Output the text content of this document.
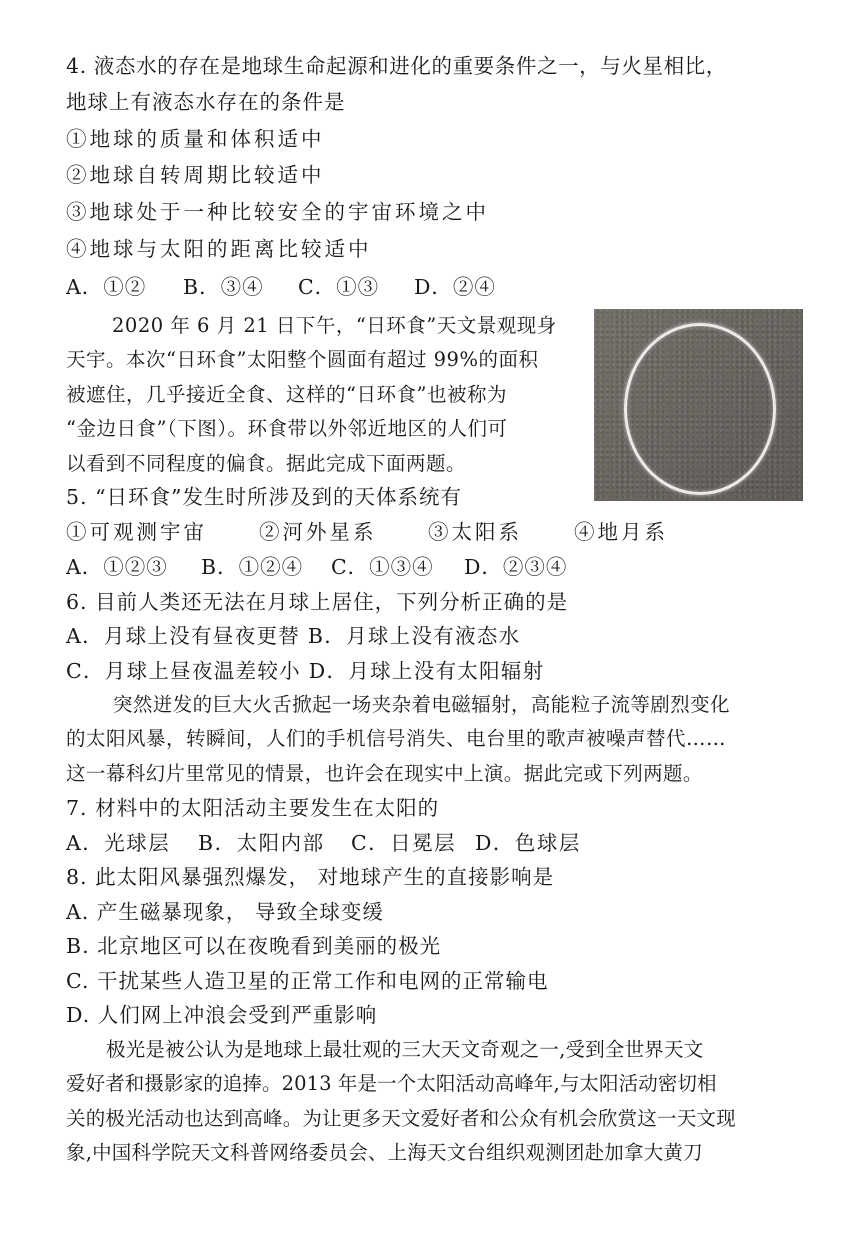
4. 液态水的存在是地球生命起源和进化的重要条件之一，与火星相比，
地球上有液态水存在的条件是
①地球的质量和体积适中
②地球自转周期比较适中
③地球处于一种比较安全的宇宙环境之中
④地球与太阳的距离比较适中
A．①② B．③④ C．①③ D．②④
2020 年 6 月 21 日下午，“日环食”天文景观现身
天宇。本次“日环食”太阳整个圆面有超过 99%的面积
被遮住，几乎接近全食、这样的“日环食”也被称为
“金边日食”（下图）。环食带以外邻近地区的人们可
以看到不同程度的偏食。据此完成下面两题。
5. “日环食”发生时所涉及到的天体系统有
①可观测宇宙	②河外星系	③太阳系	④地月系
A．①②③ B．①②④ C．①③④ D．②③④
6. 目前人类还无法在月球上居住，下列分析正确的是
A．月球上没有昼夜更替 B．月球上没有液态水
C．月球上昼夜温差较小 D．月球上没有太阳辐射
突然迸发的巨大火舌掀起一场夹杂着电磁辐射，高能粒子流等剧烈变化
的太阳风暴，转瞬间，人们的手机信号消失、电台里的歌声被噪声替代……
这一幕科幻片里常见的情景，也许会在现实中上演。据此完或下列两题。
7. 材料中的太阳活动主要发生在太阳的
A．光球层 B．太阳内部 C．日冕层 D．色球层
8. 此太阳风暴强烈爆发， 对地球产生的直接影响是
A. 产生磁暴现象， 导致全球变缓
B. 北京地区可以在夜晚看到美丽的极光
C. 干扰某些人造卫星的正常工作和电网的正常输电
D. 人们网上冲浪会受到严重影响
极光是被公认为是地球上最壮观的三大天文奇观之一,受到全世界天文
爱好者和摄影家的追捧。2013 年是一个太阳活动高峰年,与太阳活动密切相
关的极光活动也达到高峰。为让更多天文爱好者和公众有机会欣赏这一天文现
象,中国科学院天文科普网络委员会、上海天文台组织观测团赴加拿大黄刀
